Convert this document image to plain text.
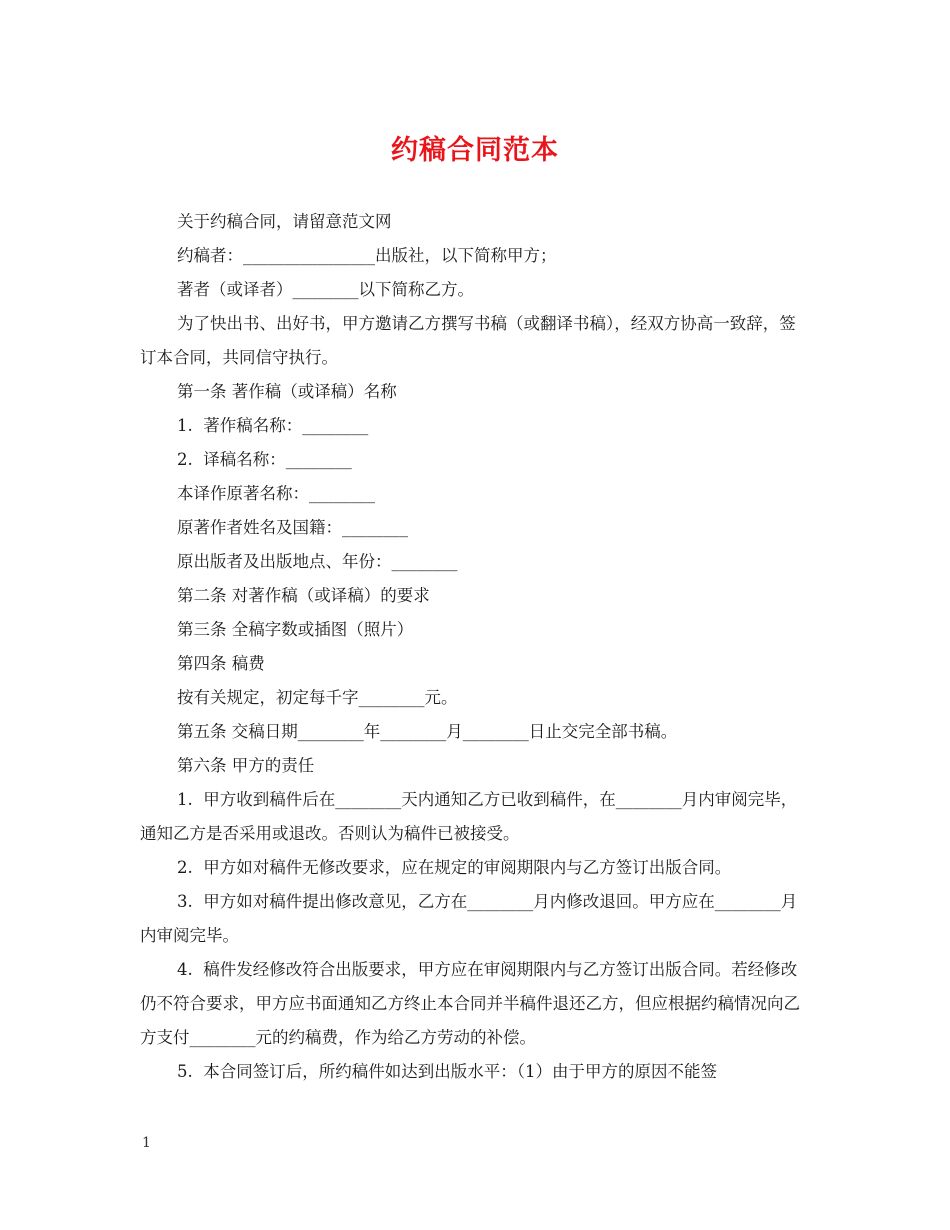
约稿合同范本

关于约稿合同，请留意范文网

约稿者：________________出版社，以下简称甲方；

著者（或译者）________以下简称乙方。

为了快出书、出好书，甲方邀请乙方撰写书稿（或翻译书稿），经双方协高一致辞，签订本合同，共同信守执行。

第一条 著作稿（或译稿）名称

1.  著作稿名称：________

2.  译稿名称：________

本译作原著名称：________

原著作者姓名及国籍：________

原出版者及出版地点、年份：________

第二条 对著作稿（或译稿）的要求

第三条 全稿字数或插图（照片）

第四条 稿费

按有关规定，初定每千字________元。

第五条 交稿日期________年________月________日止交完全部书稿。

第六条 甲方的责任

1.  甲方收到稿件后在________天内通知乙方已收到稿件，在________月内审阅完毕，通知乙方是否采用或退改。否则认为稿件已被接受。

2.  甲方如对稿件无修改要求，应在规定的审阅期限内与乙方签订出版合同。

3.  甲方如对稿件提出修改意见，乙方在________月内修改退回。甲方应在________月内审阅完毕。

4.  稿件发经修改符合出版要求，甲方应在审阅期限内与乙方签订出版合同。若经修改仍不符合要求，甲方应书面通知乙方终止本合同并半稿件退还乙方，但应根据约稿情况向乙方支付________元的约稿费，作为给乙方劳动的补偿。

5.  本合同签订后，所约稿件如达到出版水平：（1）由于甲方的原因不能签

1
